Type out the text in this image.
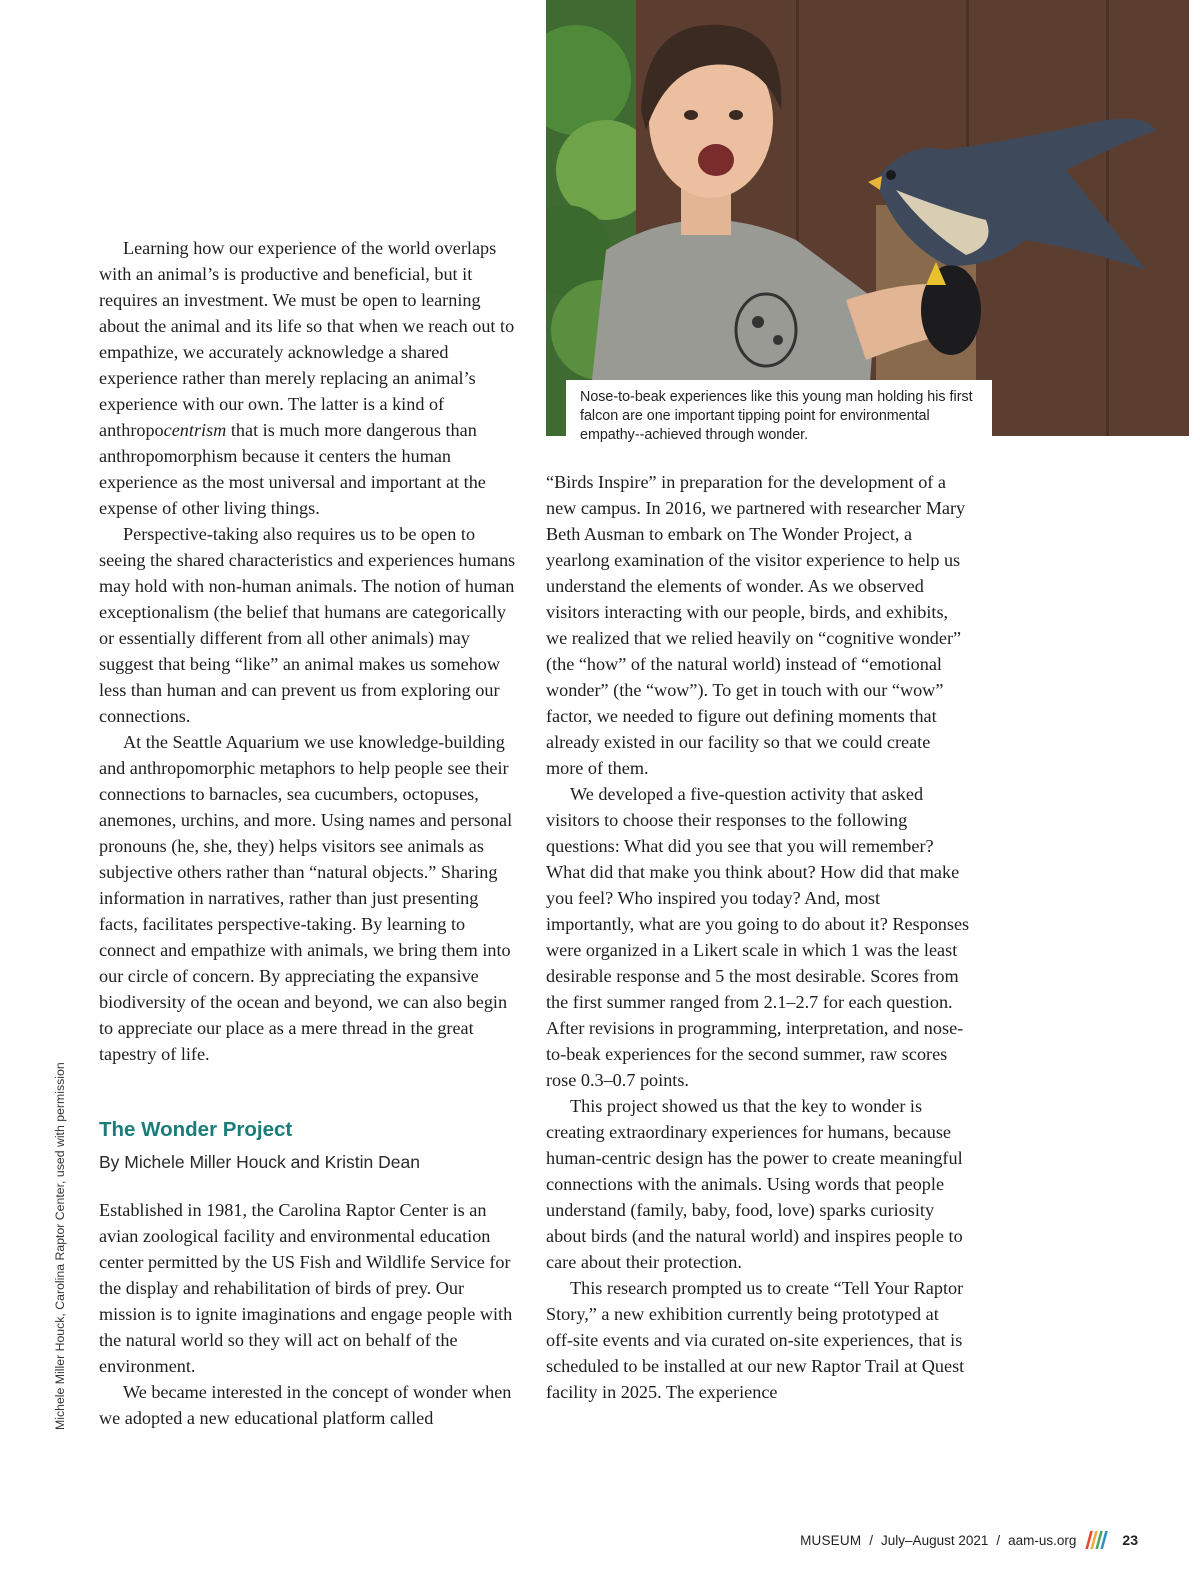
Nose-to-beak experiences like this young man holding his first falcon are one important tipping point for environmental empathy--achieved through wonder.

Learning how our experience of the world overlaps with an animal’s is productive and beneficial, but it requires an investment. We must be open to learning about the animal and its life so that when we reach out to empathize, we accurately acknowledge a shared experience rather than merely replacing an animal’s experience with our own. The latter is a kind of anthropocentrism that is much more dangerous than anthropomorphism because it centers the human experience as the most universal and important at the expense of other living things.

Perspective-taking also requires us to be open to seeing the shared characteristics and experiences humans may hold with non-human animals. The notion of human exceptionalism (the belief that humans are categorically or essentially different from all other animals) may suggest that being “like” an animal makes us somehow less than human and can prevent us from exploring our connections.

At the Seattle Aquarium we use knowledge-building and anthropomorphic metaphors to help people see their connections to barnacles, sea cucumbers, octopuses, anemones, urchins, and more. Using names and personal pronouns (he, she, they) helps visitors see animals as subjective others rather than “natural objects.” Sharing information in narratives, rather than just presenting facts, facilitates perspective-taking. By learning to connect and empathize with animals, we bring them into our circle of concern. By appreciating the expansive biodiversity of the ocean and beyond, we can also begin to appreciate our place as a mere thread in the great tapestry of life.

The Wonder Project

By Michele Miller Houck and Kristin Dean

Established in 1981, the Carolina Raptor Center is an avian zoological facility and environmental education center permitted by the US Fish and Wildlife Service for the display and rehabilitation of birds of prey. Our mission is to ignite imaginations and engage people with the natural world so they will act on behalf of the environment.

We became interested in the concept of wonder when we adopted a new educational platform called

“Birds Inspire” in preparation for the development of a new campus. In 2016, we partnered with researcher Mary Beth Ausman to embark on The Wonder Project, a yearlong examination of the visitor experience to help us understand the elements of wonder. As we observed visitors interacting with our people, birds, and exhibits, we realized that we relied heavily on “cognitive wonder” (the “how” of the natural world) instead of “emotional wonder” (the “wow”). To get in touch with our “wow” factor, we needed to figure out defining moments that already existed in our facility so that we could create more of them.

We developed a five-question activity that asked visitors to choose their responses to the following questions: What did you see that you will remember? What did that make you think about? How did that make you feel? Who inspired you today? And, most importantly, what are you going to do about it? Responses were organized in a Likert scale in which 1 was the least desirable response and 5 the most desirable. Scores from the first summer ranged from 2.1–2.7 for each question. After revisions in programming, interpretation, and nose-to-beak experiences for the second summer, raw scores rose 0.3–0.7 points.

This project showed us that the key to wonder is creating extraordinary experiences for humans, because human-centric design has the power to create meaningful connections with the animals. Using words that people understand (family, baby, food, love) sparks curiosity about birds (and the natural world) and inspires people to care about their protection.

This research prompted us to create “Tell Your Raptor Story,” a new exhibition currently being prototyped at off-site events and via curated on-site experiences, that is scheduled to be installed at our new Raptor Trail at Quest facility in 2025. The experience

Michele Miller Houck, Carolina Raptor Center, used with permission
MUSEUM / July–August 2021 / aam-us.org	23
